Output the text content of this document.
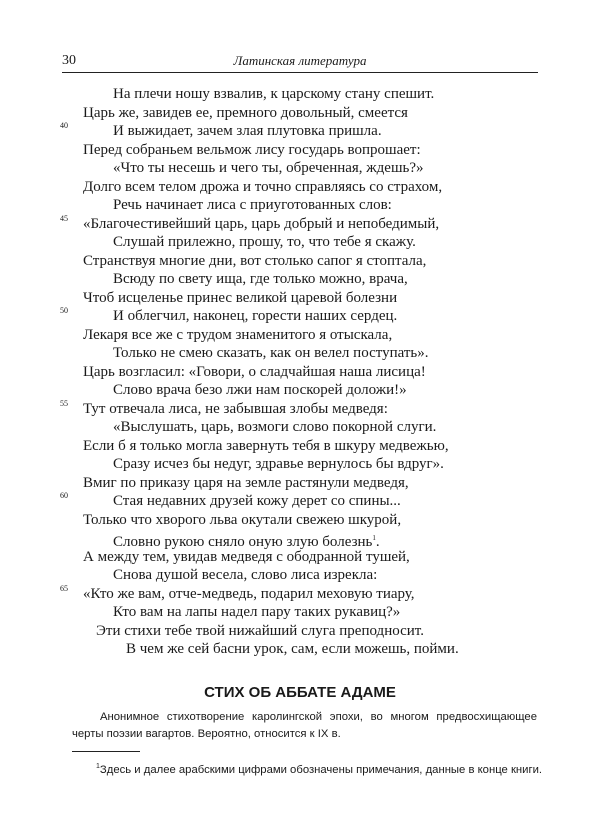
30	Латинская литература
На плечи ношу взвалив, к царскому стану спешит.
Царь же, завидев ее, премного довольный, смеется
40	И выжидает, зачем злая плутовка пришла.
Перед собраньем вельмож лису государь вопрошает:
«Что ты несешь и чего ты, обреченная, ждешь?»
Долго всем телом дрожа и точно справляясь со страхом,
Речь начинает лиса с приуготованных слов:
45 «Благочестивейший царь, царь добрый и непобедимый,
Слушай прилежно, прошу, то, что тебе я скажу.
Странствуя многие дни, вот столько сапог я стоптала,
Всюду по свету ища, где только можно, врача,
Чтоб исцеленье принес великой царевой болезни
50	И облегчил, наконец, горести наших сердец.
Лекаря все же с трудом знаменитого я отыскала,
Только не смею сказать, как он велел поступать».
Царь возгласил: «Говори, о сладчайшая наша лисица!
Слово врача безо лжи нам поскорей доложи!»
55 Тут отвечала лиса, не забывшая злобы медведя:
«Выслушать, царь, возмоги слово покорной слуги.
Если б я только могла завернуть тебя в шкуру медвежью,
Сразу исчез бы недуг, здравье вернулось бы вдруг».
Вмиг по приказу царя на земле растянули медведя,
60	Стая недавних друзей кожу дерет со спины...
Только что хворого льва окутали свежею шкурой,
Словно рукою сняло оную злую болезнь$^1$.
А между тем, увидав медведя с ободранной тушей,
Снова душой весела, слово лиса изрекла:
65 «Кто же вам, отче-медведь, подарил меховую тиару,
Кто вам на лапы надел пару таких рукавиц?»
Эти стихи тебе твой нижайший слуга преподносит.
В чем же сей басни урок, сам, если можешь, пойми.
СТИХ ОБ АББАТЕ АДАМЕ
Анонимное стихотворение каролингской эпохи, во многом предвосхищающее черты поэзии вагартов. Вероятно, относится к IX в.
$^1$Здесь и далее арабскими цифрами обозначены примечания, данные в конце книги.
